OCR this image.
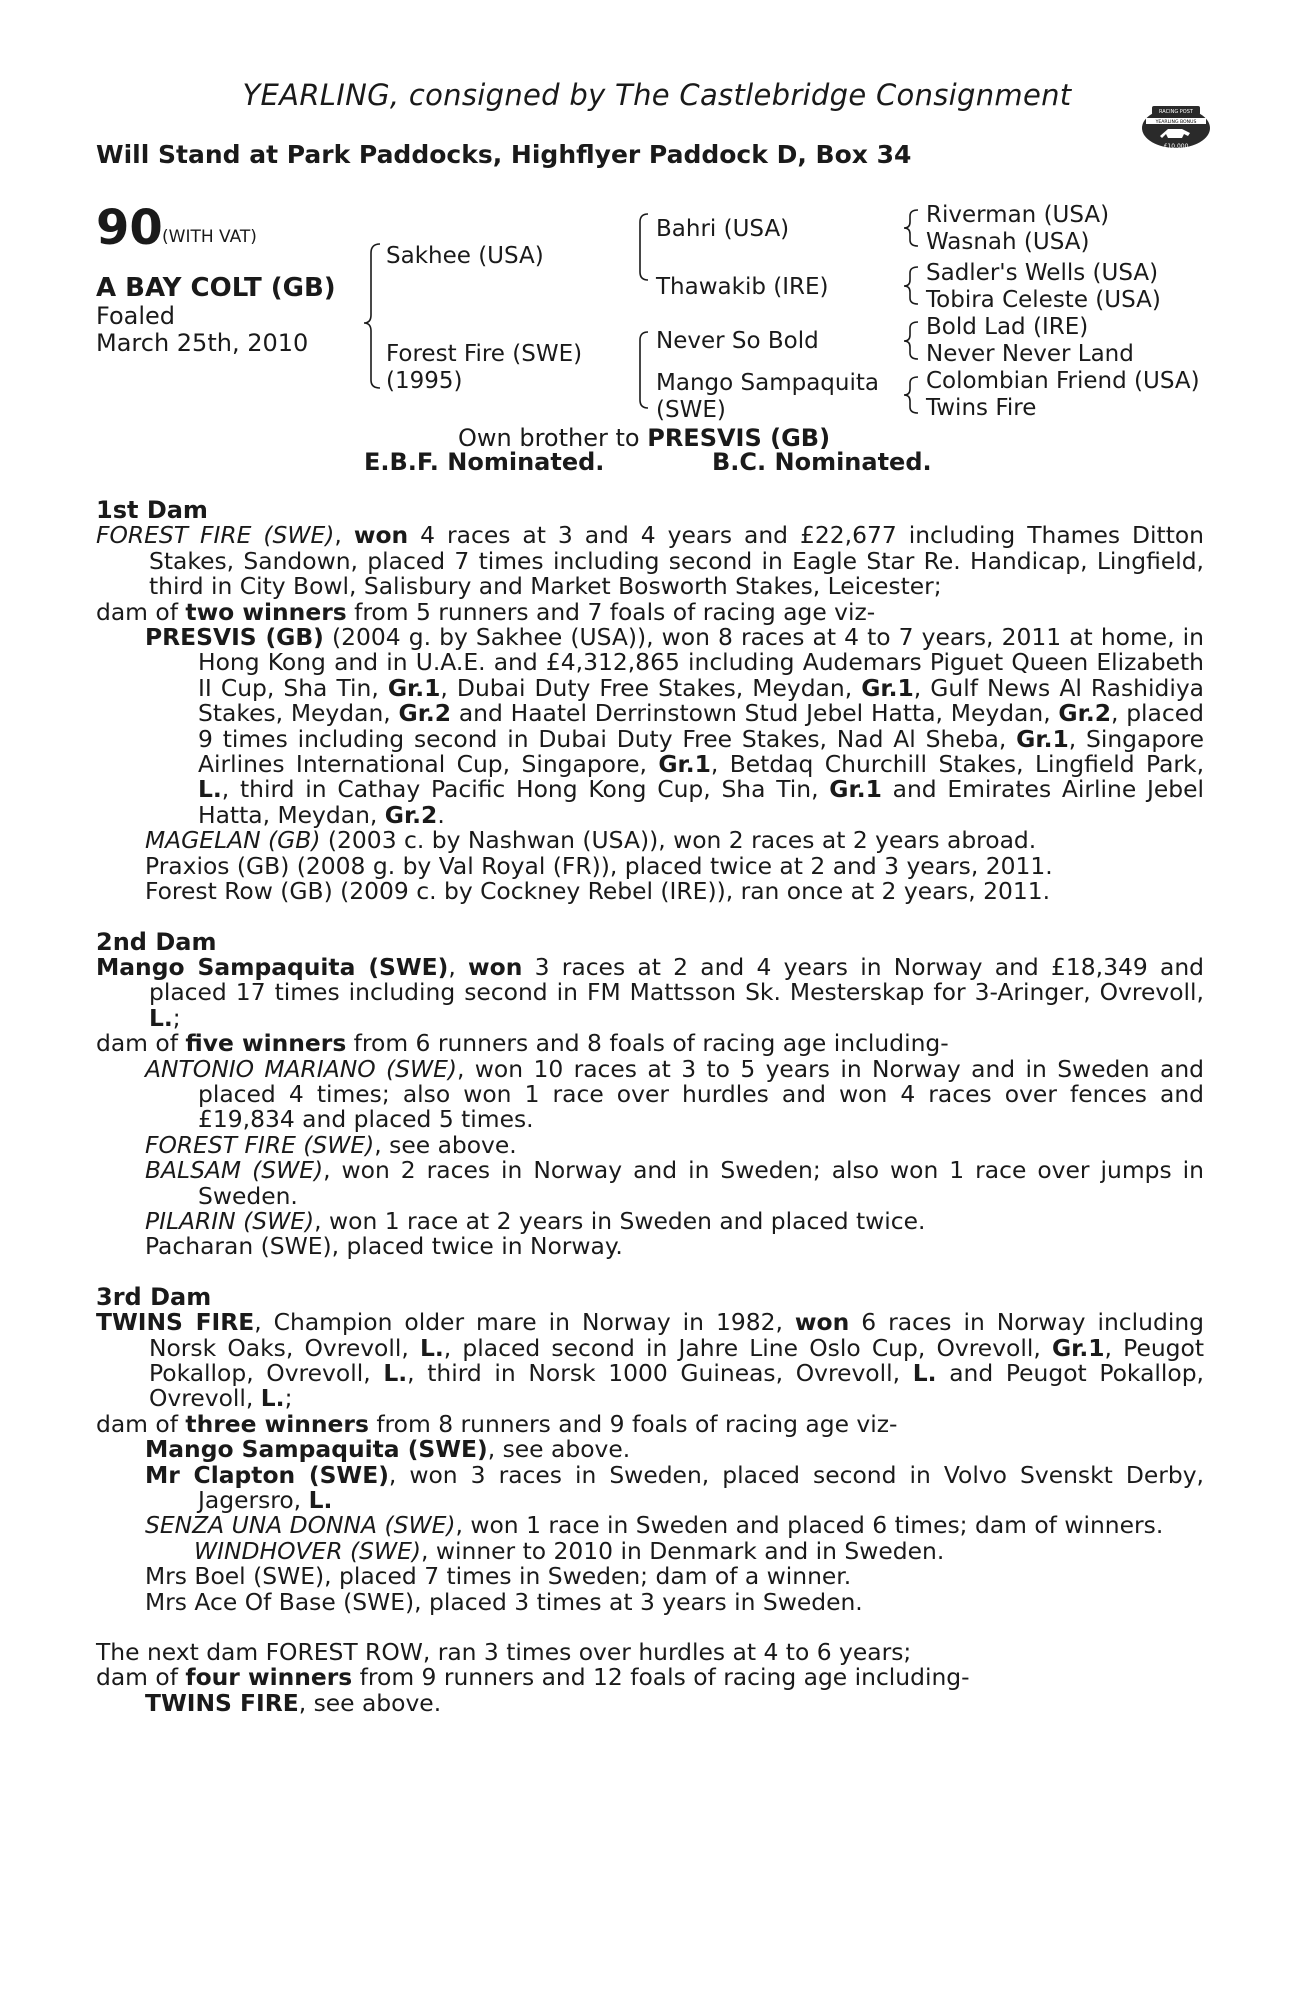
YEARLING, consigned by The Castlebridge Consignment
Will Stand at Park Paddocks, Highflyer Paddock D, Box 34
RACING POST
YEARLING BONUS
£10,000
90 (WITH VAT)
A BAY COLT (GB)
Foaled
March 25th, 2010
Sakhee (USA)
Forest Fire (SWE)
(1995)
Bahri (USA)
Thawakib (IRE)
Never So Bold
Mango Sampaquita
(SWE)
Riverman (USA)
Wasnah (USA)
Sadler's Wells (USA)
Tobira Celeste (USA)
Bold Lad (IRE)
Never Never Land
Colombian Friend (USA)
Twins Fire
Own brother to PRESVIS (GB)
E.B.F. Nominated.	B.C. Nominated.
1st Dam

FOREST FIRE (SWE), won 4 races at 3 and 4 years and £22,677 including Thames Ditton Stakes, Sandown, placed 7 times including second in Eagle Star Re. Handicap, Lingfield, third in City Bowl, Salisbury and Market Bosworth Stakes, Leicester;

dam of two winners from 5 runners and 7 foals of racing age viz-

PRESVIS (GB) (2004 g. by Sakhee (USA)), won 8 races at 4 to 7 years, 2011 at home, in Hong Kong and in U.A.E. and £4,312,865 including Audemars Piguet Queen Elizabeth II Cup, Sha Tin, Gr.1, Dubai Duty Free Stakes, Meydan, Gr.1, Gulf News Al Rashidiya Stakes, Meydan, Gr.2 and Haatel Derrinstown Stud Jebel Hatta, Meydan, Gr.2, placed 9 times including second in Dubai Duty Free Stakes, Nad Al Sheba, Gr.1, Singapore Airlines International Cup, Singapore, Gr.1, Betdaq Churchill Stakes, Lingfield Park, L., third in Cathay Pacific Hong Kong Cup, Sha Tin, Gr.1 and Emirates Airline Jebel Hatta, Meydan, Gr.2.

MAGELAN (GB) (2003 c. by Nashwan (USA)), won 2 races at 2 years abroad.

Praxios (GB) (2008 g. by Val Royal (FR)), placed twice at 2 and 3 years, 2011.

Forest Row (GB) (2009 c. by Cockney Rebel (IRE)), ran once at 2 years, 2011.

2nd Dam

Mango Sampaquita (SWE), won 3 races at 2 and 4 years in Norway and £18,349 and placed 17 times including second in FM Mattsson Sk. Mesterskap for 3-Aringer, Ovrevoll, L.;

dam of five winners from 6 runners and 8 foals of racing age including-

ANTONIO MARIANO (SWE), won 10 races at 3 to 5 years in Norway and in Sweden and placed 4 times; also won 1 race over hurdles and won 4 races over fences and £19,834 and placed 5 times.

FOREST FIRE (SWE), see above.

BALSAM (SWE), won 2 races in Norway and in Sweden; also won 1 race over jumps in Sweden.

PILARIN (SWE), won 1 race at 2 years in Sweden and placed twice.

Pacharan (SWE), placed twice in Norway.

3rd Dam

TWINS FIRE, Champion older mare in Norway in 1982, won 6 races in Norway including Norsk Oaks, Ovrevoll, L., placed second in Jahre Line Oslo Cup, Ovrevoll, Gr.1, Peugot Pokallop, Ovrevoll, L., third in Norsk 1000 Guineas, Ovrevoll, L. and Peugot Pokallop, Ovrevoll, L.;

dam of three winners from 8 runners and 9 foals of racing age viz-

Mango Sampaquita (SWE), see above.

Mr Clapton (SWE), won 3 races in Sweden, placed second in Volvo Svenskt Derby, Jagersro, L.

SENZA UNA DONNA (SWE), won 1 race in Sweden and placed 6 times; dam of winners.

WINDHOVER (SWE), winner to 2010 in Denmark and in Sweden.

Mrs Boel (SWE), placed 7 times in Sweden; dam of a winner.

Mrs Ace Of Base (SWE), placed 3 times at 3 years in Sweden.

The next dam FOREST ROW, ran 3 times over hurdles at 4 to 6 years;

dam of four winners from 9 runners and 12 foals of racing age including-

TWINS FIRE, see above.
